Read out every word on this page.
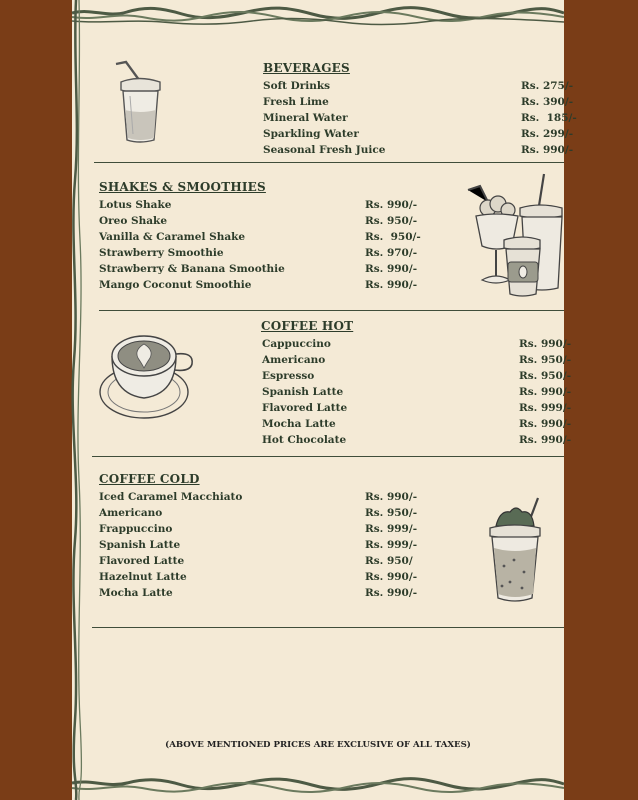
BEVERAGES
Soft Drinks	Rs. 275/-
Fresh Lime	Rs. 390/-
Mineral Water	Rs.  185/-
Sparkling Water	Rs. 299/-
Seasonal Fresh Juice	Rs. 990/-
SHAKES & SMOOTHIES
Lotus Shake	Rs. 990/-
Oreo Shake	Rs. 950/-
Vanilla & Caramel Shake	Rs.  950/-
Strawberry Smoothie	Rs. 970/-
Strawberry & Banana Smoothie	Rs. 990/-
Mango Coconut Smoothie	Rs. 990/-
COFFEE HOT
Cappuccino	Rs. 990/-
Americano	Rs. 950/-
Espresso	Rs. 950/-
Spanish Latte	Rs. 990/-
Flavored Latte	Rs. 999/-
Mocha Latte	Rs. 990/-
Hot Chocolate	Rs. 990/-
COFFEE COLD
Iced Caramel Macchiato	Rs. 990/-
Americano	Rs. 950/-
Frappuccino	Rs. 999/-
Spanish Latte	Rs. 999/-
Flavored Latte	Rs. 950/
Hazelnut Latte	Rs. 990/-
Mocha Latte	Rs. 990/-
(ABOVE MENTIONED PRICES ARE EXCLUSIVE OF ALL TAXES)
